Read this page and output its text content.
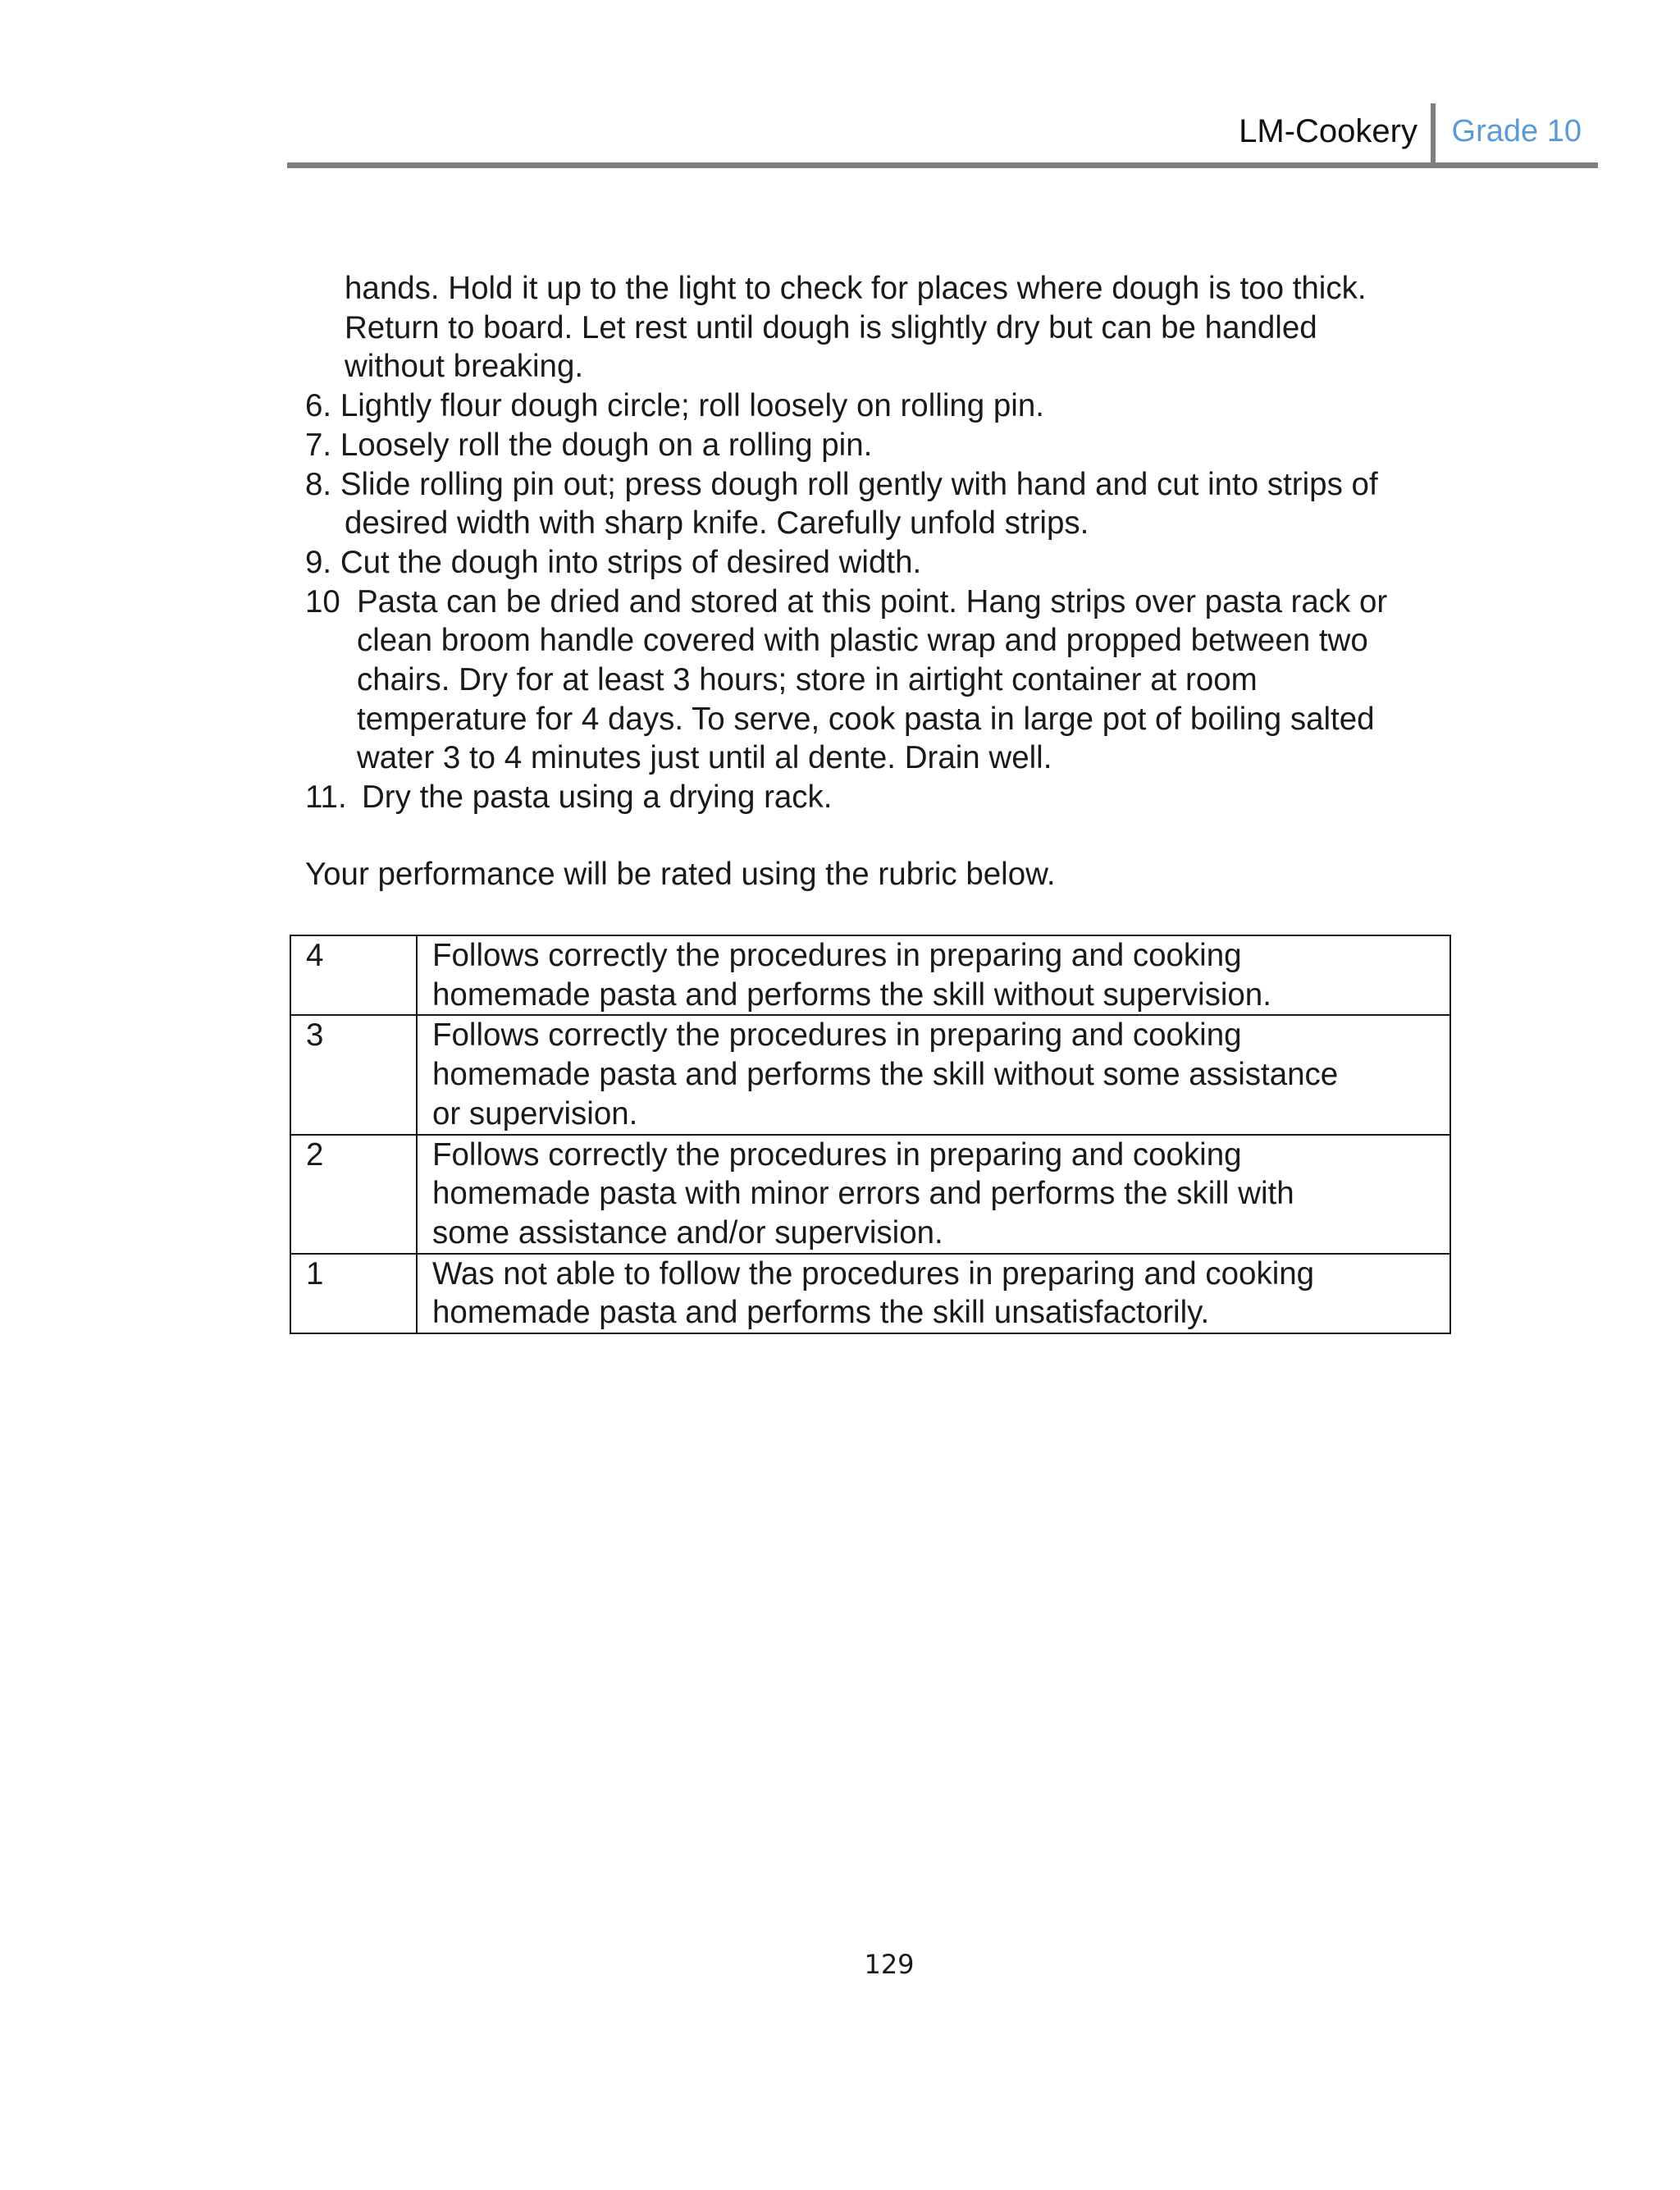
LM-Cookery Grade 10
hands. Hold it up to the light to check for places where dough is too thick.
Return to board. Let rest until dough is slightly dry but can be handled
without breaking.
6. Lightly flour dough circle; roll loosely on rolling pin.
7. Loosely roll the dough on a rolling pin.
8. Slide rolling pin out; press dough roll gently with hand and cut into strips of
desired width with sharp knife. Carefully unfold strips.
9. Cut the dough into strips of desired width.
10 Pasta can be dried and stored at this point. Hang strips over pasta rack or
clean broom handle covered with plastic wrap and propped between two
chairs. Dry for at least 3 hours; store in airtight container at room
temperature for 4 days. To serve, cook pasta in large pot of boiling salted
water 3 to 4 minutes just until al dente. Drain well.
11. Dry the pasta using a drying rack.
Your performance will be rated using the rubric below.
4	Follows correctly the procedures in preparing and cooking
homemade pasta and performs the skill without supervision.

3	Follows correctly the procedures in preparing and cooking
homemade pasta and performs the skill without some assistance
or supervision.

2	Follows correctly the procedures in preparing and cooking
homemade pasta with minor errors and performs the skill with
some assistance and/or supervision.

1	Was not able to follow the procedures in preparing and cooking
homemade pasta and performs the skill unsatisfactorily.
129
